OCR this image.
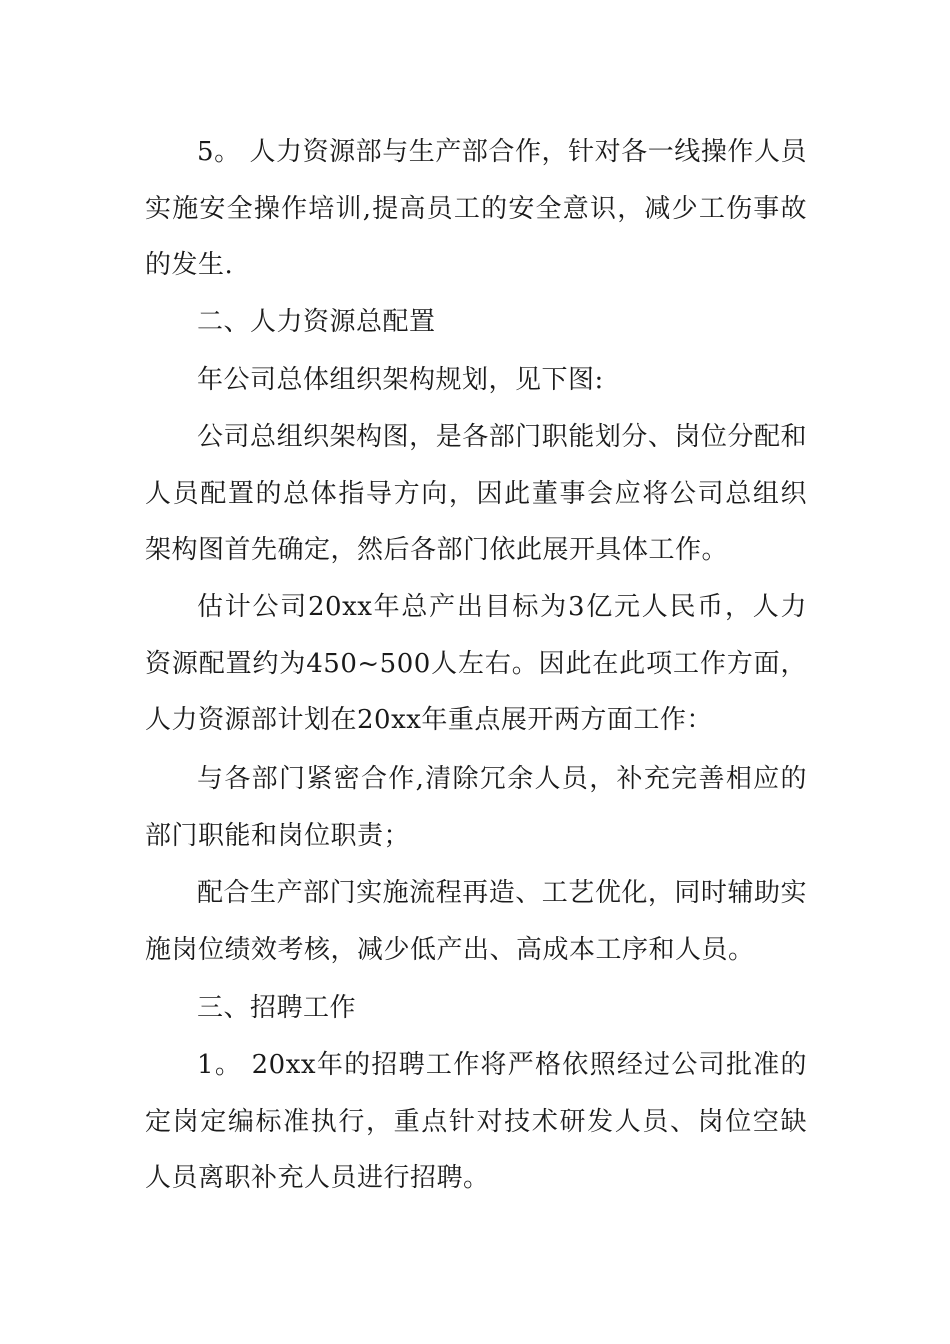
5。 人力资源部与生产部合作，针对各一线操作人员实施安全操作培训,提高员工的安全意识，减少工伤事故的发生.

二、人力资源总配置

年公司总体组织架构规划，见下图:

公司总组织架构图，是各部门职能划分、岗位分配和人员配置的总体指导方向，因此董事会应将公司总组织架构图首先确定，然后各部门依此展开具体工作。

估计公司20xx年总产出目标为3亿元人民币，人力资源配置约为450~500人左右。因此在此项工作方面，人力资源部计划在20xx年重点展开两方面工作：

与各部门紧密合作,清除冗余人员，补充完善相应的部门职能和岗位职责；

配合生产部门实施流程再造、工艺优化，同时辅助实施岗位绩效考核，减少低产出、高成本工序和人员。

三、招聘工作

1。 20xx年的招聘工作将严格依照经过公司批准的定岗定编标准执行，重点针对技术研发人员、岗位空缺人员离职补充人员进行招聘。
